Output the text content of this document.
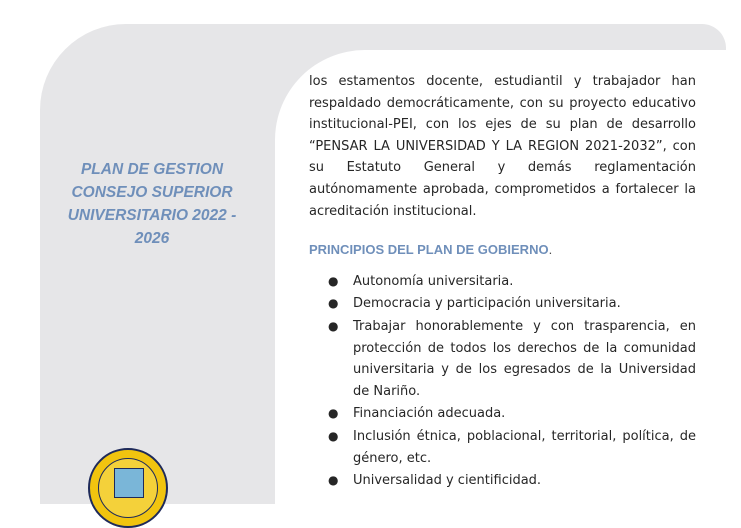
PLAN DE GESTION CONSEJO SUPERIOR UNIVERSITARIO 2022 - 2026

los estamentos docente, estudiantil y trabajador han respaldado democráticamente, con su proyecto educativo institucional-PEI, con los ejes de su plan de desarrollo “PENSAR LA UNIVERSIDAD Y LA REGION 2021-2032”, con su Estatuto General y demás reglamentación autónomamente aprobada, comprometidos a fortalecer la acreditación institucional.

PRINCIPIOS DEL PLAN DE GOBIERNO.
● Autonomía universitaria.
● Democracia y participación universitaria.
● Trabajar honorablemente y con trasparencia, en protección de todos los derechos de la comunidad universitaria y de los egresados de la Universidad de Nariño.
● Financiación adecuada.
● Inclusión étnica, poblacional, territorial, política, de género, etc.
● Universalidad y cientificidad.
